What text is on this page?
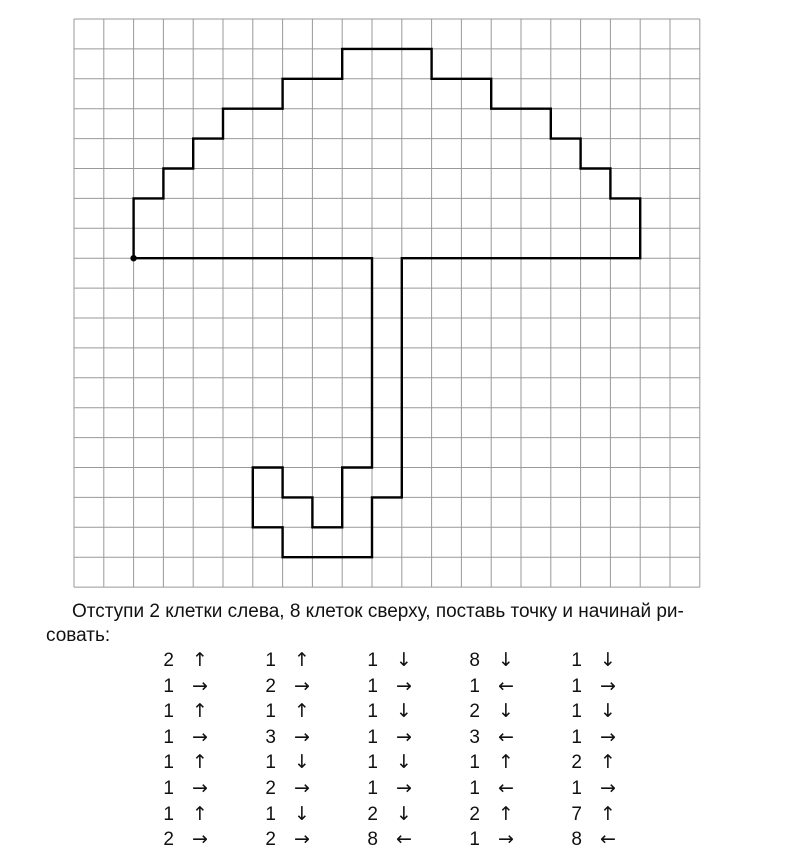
Отступи 2 клетки слева, 8 клеток сверху, поставь точку и начинай ри-
совать:

2 ↑
1 →
1 ↑
1 →
1 ↑
1 →
1 ↑
2 →
1 ↑
2 →
1 ↑
3 →
1 ↓
2 →
1 ↓
2 →
1 ↓
1 →
1 ↓
1 →
1 ↓
1 →
2 ↓
8 ←
8 ↓
1 ←
2 ↓
3 ←
1 ↑
1 ←
2 ↑
1 →
1 ↓
1 →
1 ↓
1 →
2 ↑
1 →
7 ↑
8 ←
